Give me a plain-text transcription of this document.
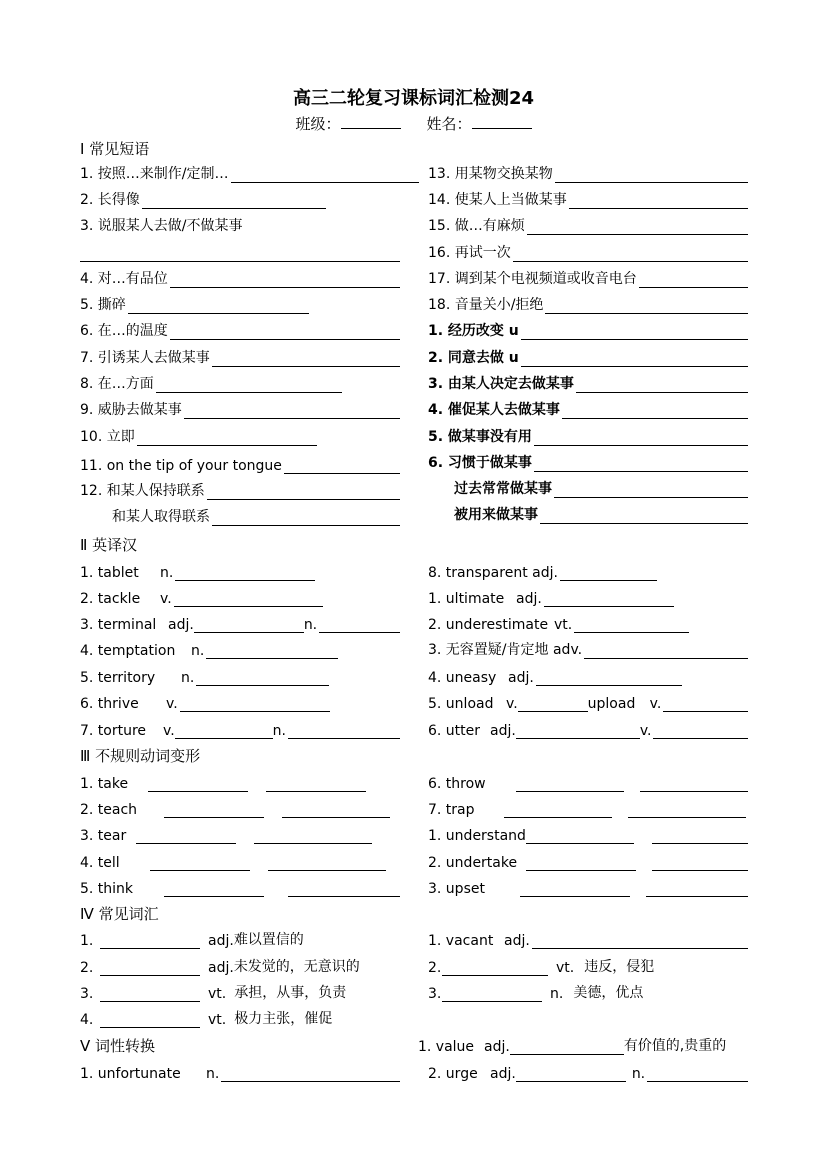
高三二轮复习课标词汇检测24
班级：	姓名：
Ⅰ 常见短语
1. 按照…来制作/定制…
2. 长得像
3. 说服某人去做/不做某事
4. 对…有品位
5. 撕碎
6. 在…的温度
7. 引诱某人去做某事
8. 在…方面
9. 威胁去做某事
10. 立即
11. on the tip of your tongue
12. 和某人保持联系
和某人取得联系
13. 用某物交换某物
14. 使某人上当做某事
15. 做…有麻烦
16. 再试一次
17. 调到某个电视频道或收音电台
18. 音量关小/拒绝
1. 经历改变 u
2. 同意去做 u
3. 由某人决定去做某事
4. 催促某人去做某事
5. 做某事没有用
6. 习惯于做某事
过去常常做某事
被用来做某事
Ⅱ 英译汉
1. tablet	n.
2. tackle	v.
3. terminal adj.	n.
4. temptation	n.
5. territory	n.
6. thrive	v.
7. torture	v.	n.
8. transparent adj.
1. ultimate adj.
2. underestimate vt.
3. 无容置疑/肯定地 adv.
4. uneasy adj.
5. unload v.	upload	v.
6. utter adj.	v.
Ⅲ 不规则动词变形
1. take
2. teach
3. tear
4. tell
5. think
6. throw
7. trap
1. understand
2. undertake
3. upset
Ⅳ 常见词汇
1.	adj. 难以置信的
2.	adj. 未发觉的，无意识的
3.	vt. 承担，从事，负责
4.	vt. 极力主张，催促
1. vacant adj.
2.	vt. 违反，侵犯
3.	n. 美德，优点
Ⅴ 词性转换
1. unfortunate	n.
1. value adj.	有价值的,贵重的
2. urge adj.	n.
